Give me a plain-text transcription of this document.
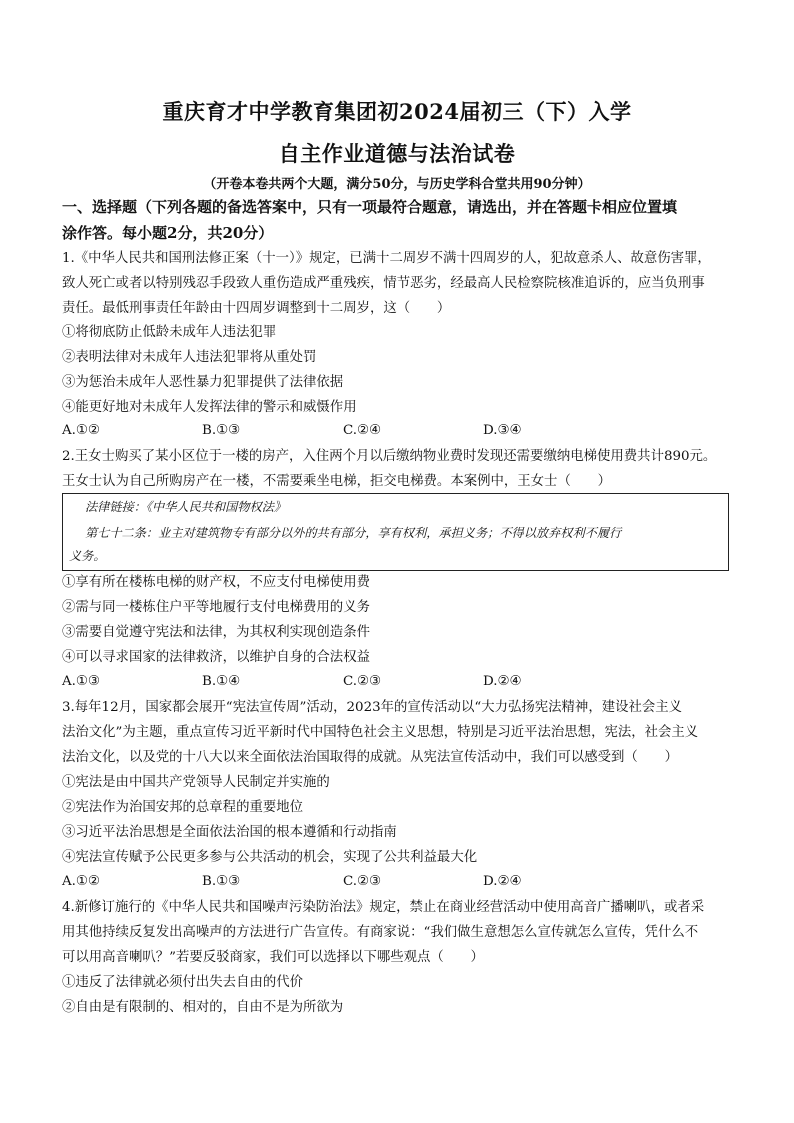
重庆育才中学教育集团初2024届初三（下）入学
自主作业道德与法治试卷
（开卷本卷共两个大题，满分50分，与历史学科合堂共用90分钟）
一、选择题（下列各题的备选答案中，只有一项最符合题意，请选出，并在答题卡相应位置填
涂作答。每小题2分，共20分）
1.《中华人民共和国刑法修正案（十一）》规定，已满十二周岁不满十四周岁的人，犯故意杀人、故意伤害罪，
致人死亡或者以特别残忍手段致人重伤造成严重残疾，情节恶劣，经最高人民检察院核准追诉的，应当负刑事
责任。最低刑事责任年龄由十四周岁调整到十二周岁，这（　　）
①将彻底防止低龄未成年人违法犯罪
②表明法律对未成年人违法犯罪将从重处罚
③为惩治未成年人恶性暴力犯罪提供了法律依据
④能更好地对未成年人发挥法律的警示和威慑作用
A.①②	B.①③	C.②④	D.③④
2.王女士购买了某小区位于一楼的房产，入住两个月以后缴纳物业费时发现还需要缴纳电梯使用费共计890元。
王女士认为自己所购房产在一楼，不需要乘坐电梯，拒交电梯费。本案例中，王女士（　　）
法律链接：《中华人民共和国物权法》
第七十二条：业主对建筑物专有部分以外的共有部分，享有权利，承担义务；不得以放弃权利不履行
义务。
①享有所在楼栋电梯的财产权，不应支付电梯使用费
②需与同一楼栋住户平等地履行支付电梯费用的义务
③需要自觉遵守宪法和法律，为其权利实现创造条件
④可以寻求国家的法律救济，以维护自身的合法权益
A.①③	B.①④	C.②③	D.②④
3.每年12月，国家都会展开“宪法宣传周”活动，2023年的宣传活动以“大力弘扬宪法精神，建设社会主义
法治文化”为主题，重点宣传习近平新时代中国特色社会主义思想，特别是习近平法治思想，宪法，社会主义
法治文化，以及党的十八大以来全面依法治国取得的成就。从宪法宣传活动中，我们可以感受到（　　）
①宪法是由中国共产党领导人民制定并实施的
②宪法作为治国安邦的总章程的重要地位
③习近平法治思想是全面依法治国的根本遵循和行动指南
④宪法宣传赋予公民更多参与公共活动的机会，实现了公共利益最大化
A.①②	B.①③	C.②③	D.②④
4.新修订施行的《中华人民共和国噪声污染防治法》规定，禁止在商业经营活动中使用高音广播喇叭，或者采
用其他持续反复发出高噪声的方法进行广告宣传。有商家说：“我们做生意想怎么宣传就怎么宣传，凭什么不
可以用高音喇叭？”若要反驳商家，我们可以选择以下哪些观点（　　）
①违反了法律就必须付出失去自由的代价
②自由是有限制的、相对的，自由不是为所欲为
